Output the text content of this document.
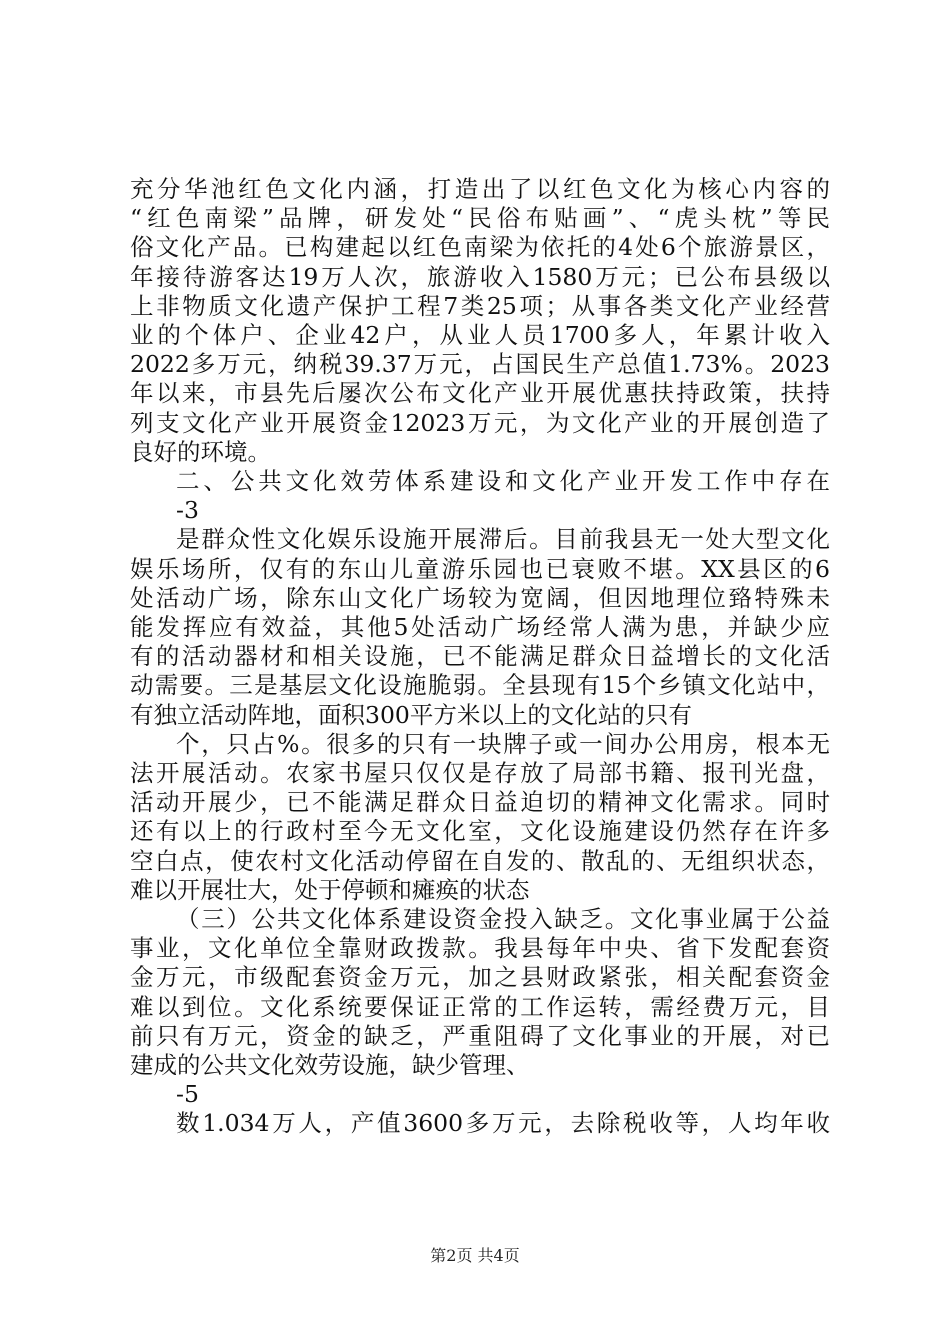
充分华池红色文化内涵，打造出了以红色文化为核心内容的
“红色南梁”品牌，研发处“民俗布贴画”、“虎头枕”等民
俗文化产品。已构建起以红色南梁为依托的4处6个旅游景区，
年接待游客达19万人次，旅游收入1580万元；已公布县级以
上非物质文化遗产保护工程7类25项；从事各类文化产业经营
业的个体户、企业42户，从业人员1700多人，年累计收入
2022多万元，纳税39.37万元，占国民生产总值1.73%。2023
年以来，市县先后屡次公布文化产业开展优惠扶持政策，扶持
列支文化产业开展资金12023万元，为文化产业的开展创造了
良好的环境。
二、公共文化效劳体系建设和文化产业开发工作中存在
-3
是群众性文化娱乐设施开展滞后。目前我县无一处大型文化
娱乐场所，仅有的东山儿童游乐园也已衰败不堪。XX县区的6
处活动广场，除东山文化广场较为宽阔，但因地理位臵特殊未
能发挥应有效益，其他5处活动广场经常人满为患，并缺少应
有的活动器材和相关设施，已不能满足群众日益增长的文化活
动需要。三是基层文化设施脆弱。全县现有15个乡镇文化站中，
有独立活动阵地，面积300平方米以上的文化站的只有
个，只占%。很多的只有一块牌子或一间办公用房，根本无
法开展活动。农家书屋只仅仅是存放了局部书籍、报刊光盘，
活动开展少，已不能满足群众日益迫切的精神文化需求。同时
还有以上的行政村至今无文化室，文化设施建设仍然存在许多
空白点，使农村文化活动停留在自发的、散乱的、无组织状态，
难以开展壮大，处于停顿和瘫痪的状态
（三）公共文化体系建设资金投入缺乏。文化事业属于公益
事业，文化单位全靠财政拨款。我县每年中央、省下发配套资
金万元，市级配套资金万元，加之县财政紧张，相关配套资金
难以到位。文化系统要保证正常的工作运转，需经费万元，目
前只有万元，资金的缺乏，严重阻碍了文化事业的开展，对已
建成的公共文化效劳设施，缺少管理、
-5
数1.034万人，产值3600多万元，去除税收等，人均年收
第2页 共4页
